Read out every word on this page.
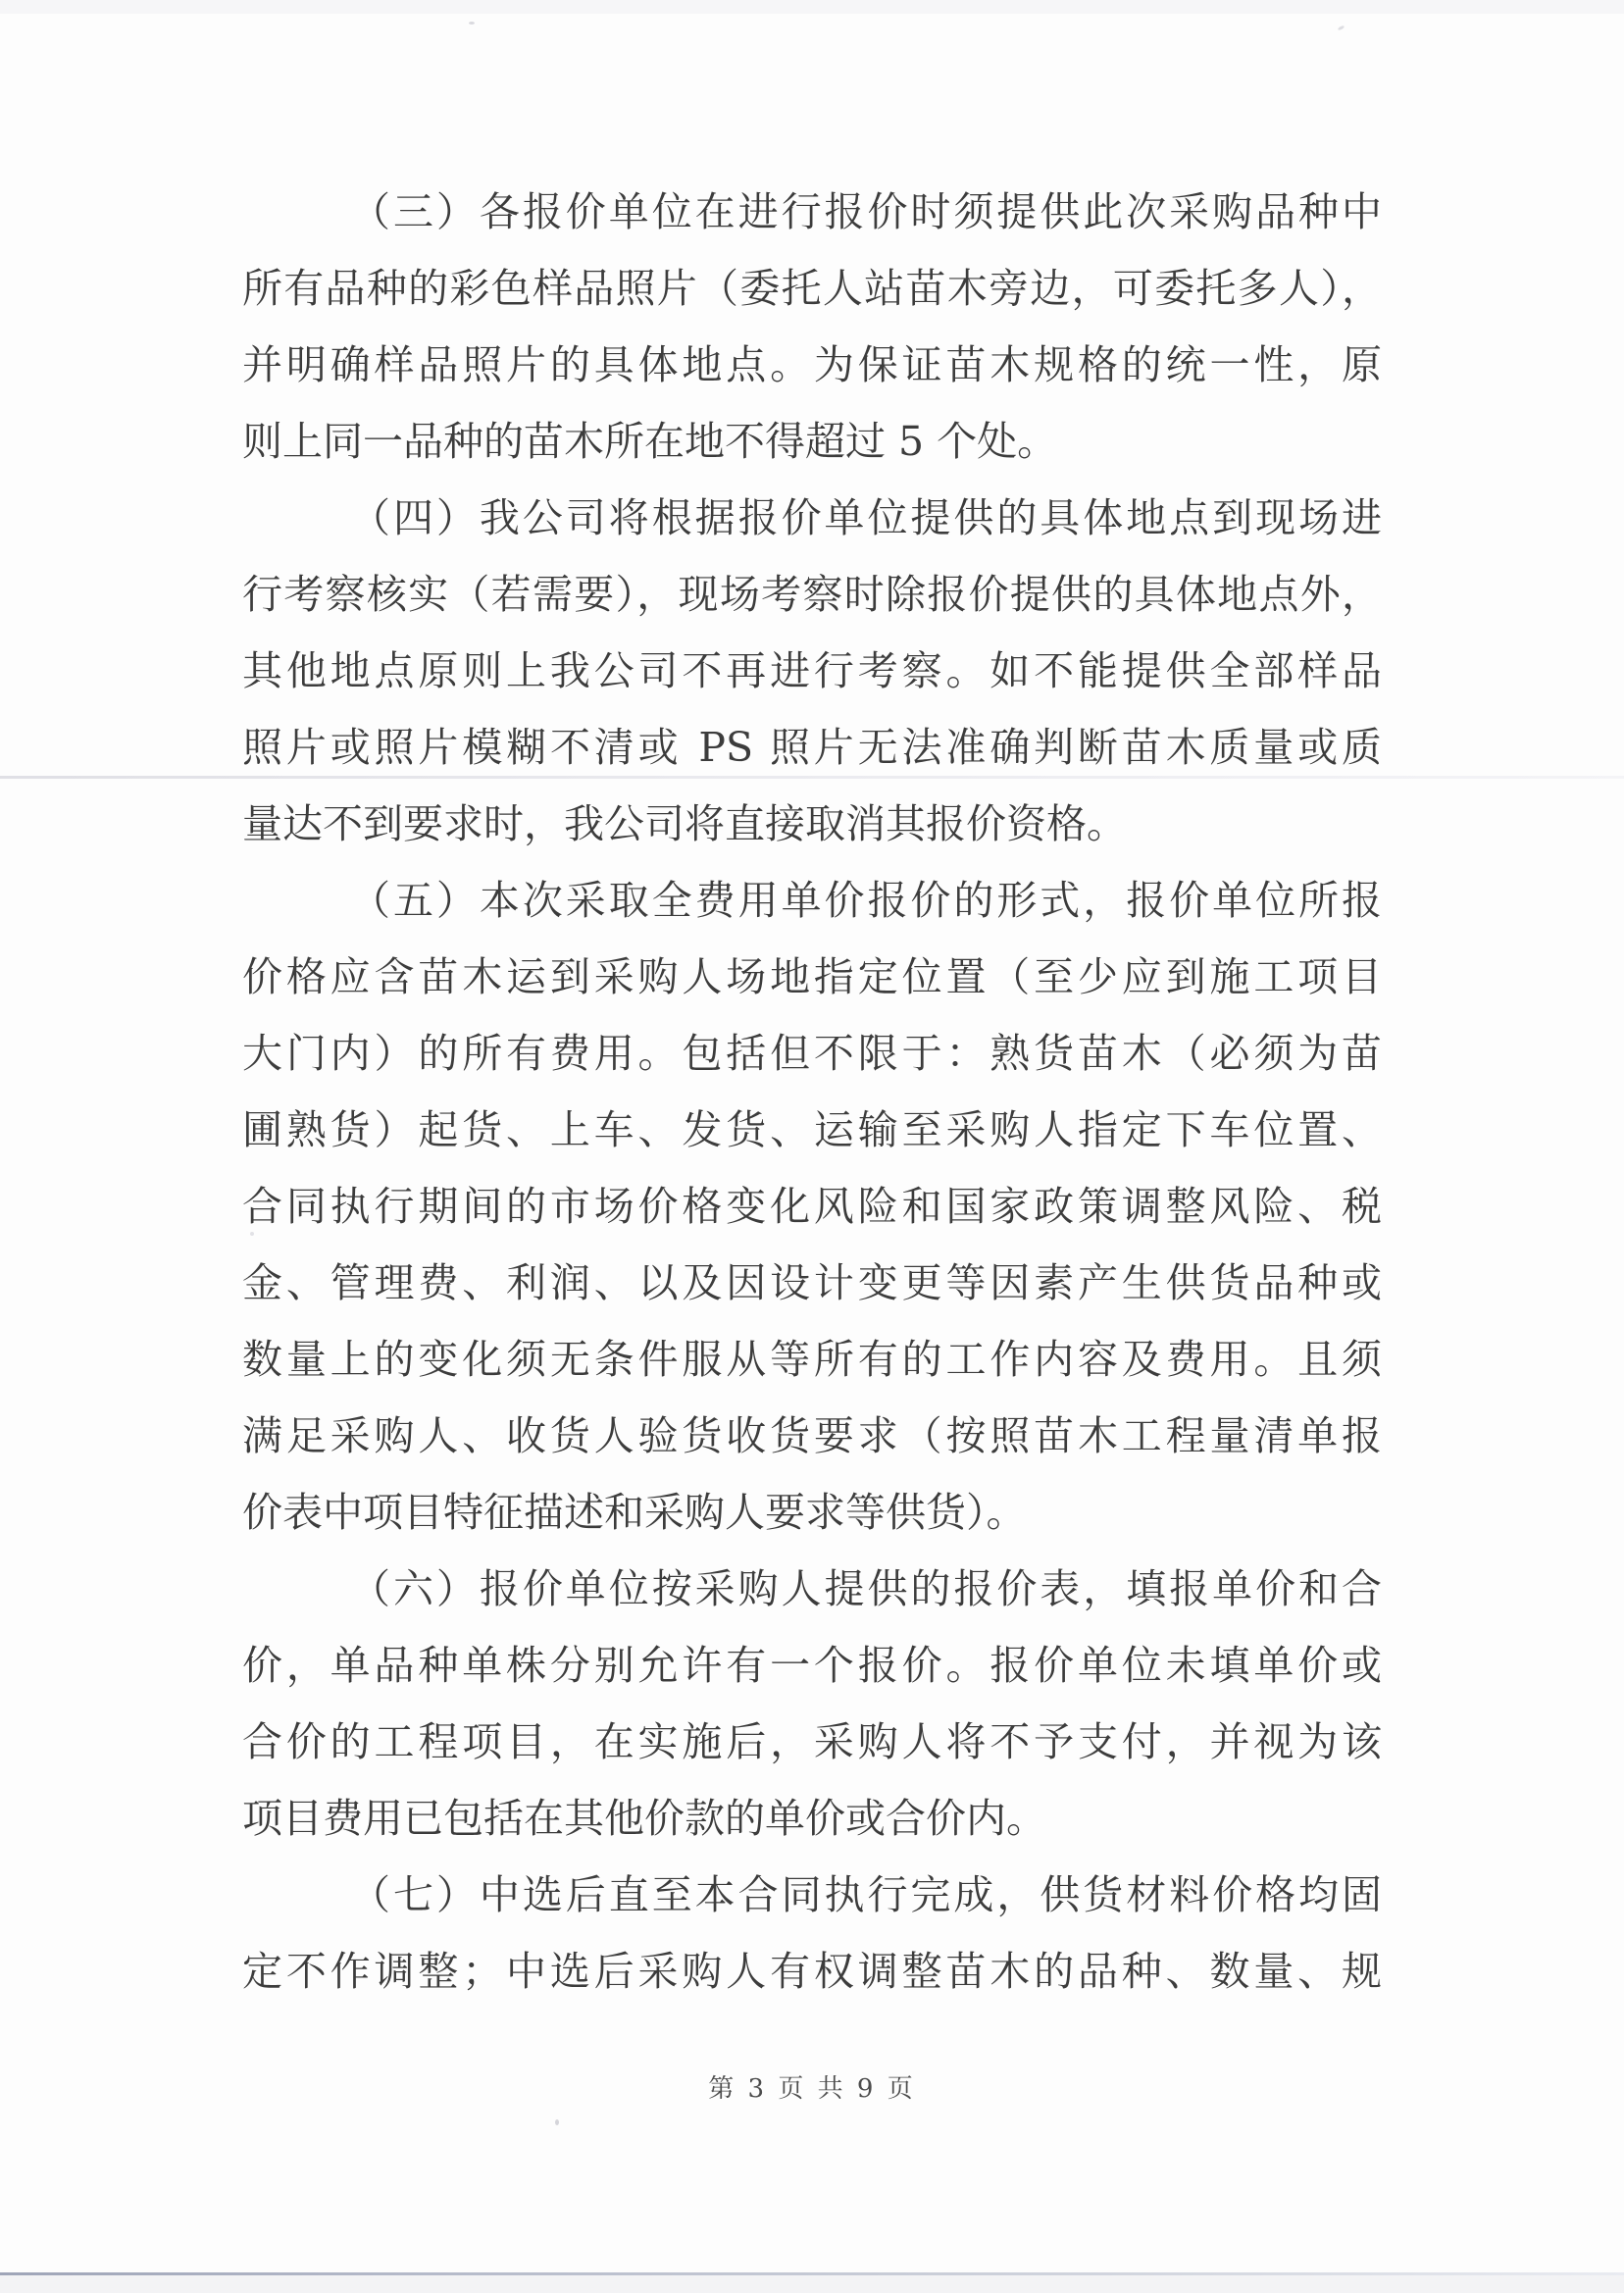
（三）各报价单位在进行报价时须提供此次采购品种中
所有品种的彩色样品照片（委托人站苗木旁边，可委托多人），
并明确样品照片的具体地点。为保证苗木规格的统一性，原
则上同一品种的苗木所在地不得超过 5 个处。
（四）我公司将根据报价单位提供的具体地点到现场进
行考察核实（若需要），现场考察时除报价提供的具体地点外，
其他地点原则上我公司不再进行考察。如不能提供全部样品
照片或照片模糊不清或 PS 照片无法准确判断苗木质量或质
量达不到要求时，我公司将直接取消其报价资格。
（五）本次采取全费用单价报价的形式，报价单位所报
价格应含苗木运到采购人场地指定位置（至少应到施工项目
大门内）的所有费用。包括但不限于：熟货苗木（必须为苗
圃熟货）起货、上车、发货、运输至采购人指定下车位置、
合同执行期间的市场价格变化风险和国家政策调整风险、税
金、管理费、利润、以及因设计变更等因素产生供货品种或
数量上的变化须无条件服从等所有的工作内容及费用。且须
满足采购人、收货人验货收货要求（按照苗木工程量清单报
价表中项目特征描述和采购人要求等供货）。
（六）报价单位按采购人提供的报价表，填报单价和合
价，单品种单株分别允许有一个报价。报价单位未填单价或
合价的工程项目，在实施后，采购人将不予支付，并视为该
项目费用已包括在其他价款的单价或合价内。
（七）中选后直至本合同执行完成，供货材料价格均固
定不作调整；中选后采购人有权调整苗木的品种、数量、规
第 3 页 共 9 页
